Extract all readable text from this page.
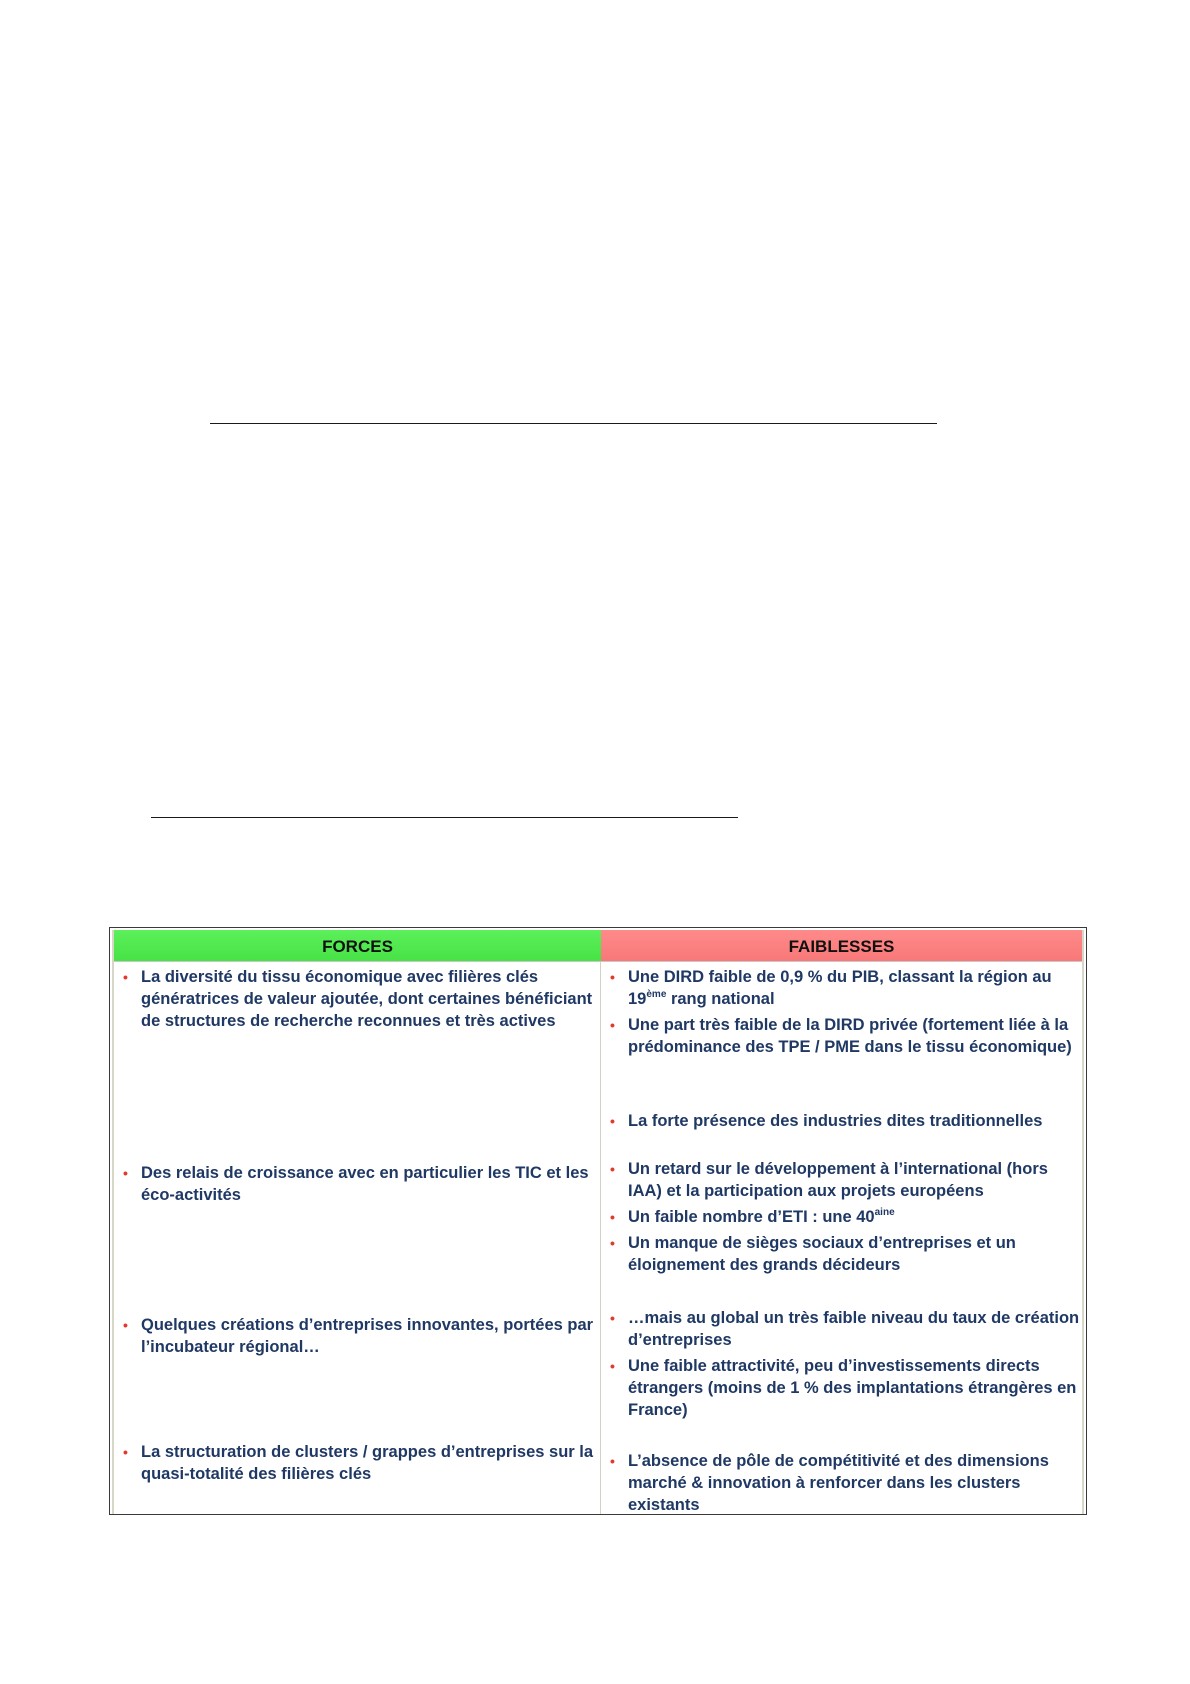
FORCES	FAIBLESSES
• La diversité du tissu économique avec filières clés génératrices de valeur ajoutée, dont certaines bénéficiant de structures de recherche reconnues et très actives
• Des relais de croissance avec en particulier les TIC et les éco-activités
• Quelques créations d’entreprises innovantes, portées par l’incubateur régional…
• La structuration de clusters / grappes d’entreprises sur la quasi-totalité des filières clés
• Une DIRD faible de 0,9 % du PIB, classant la région au 19ème rang national
• Une part très faible de la DIRD privée (fortement liée à la prédominance des TPE / PME dans le tissu économique)
• La forte présence des industries dites traditionnelles
• Un retard sur le développement à l’international (hors IAA) et la participation aux projets européens
• Un faible nombre d’ETI : une $40^{aine}$
• Un manque de sièges sociaux d’entreprises et un éloignement des grands décideurs
• …mais au global un très faible niveau du taux de création d’entreprises
• Une faible attractivité, peu d’investissements directs étrangers (moins de 1 % des implantations étrangères en France)
• L’absence de pôle de compétitivité et des dimensions marché & innovation à renforcer dans les clusters existants
